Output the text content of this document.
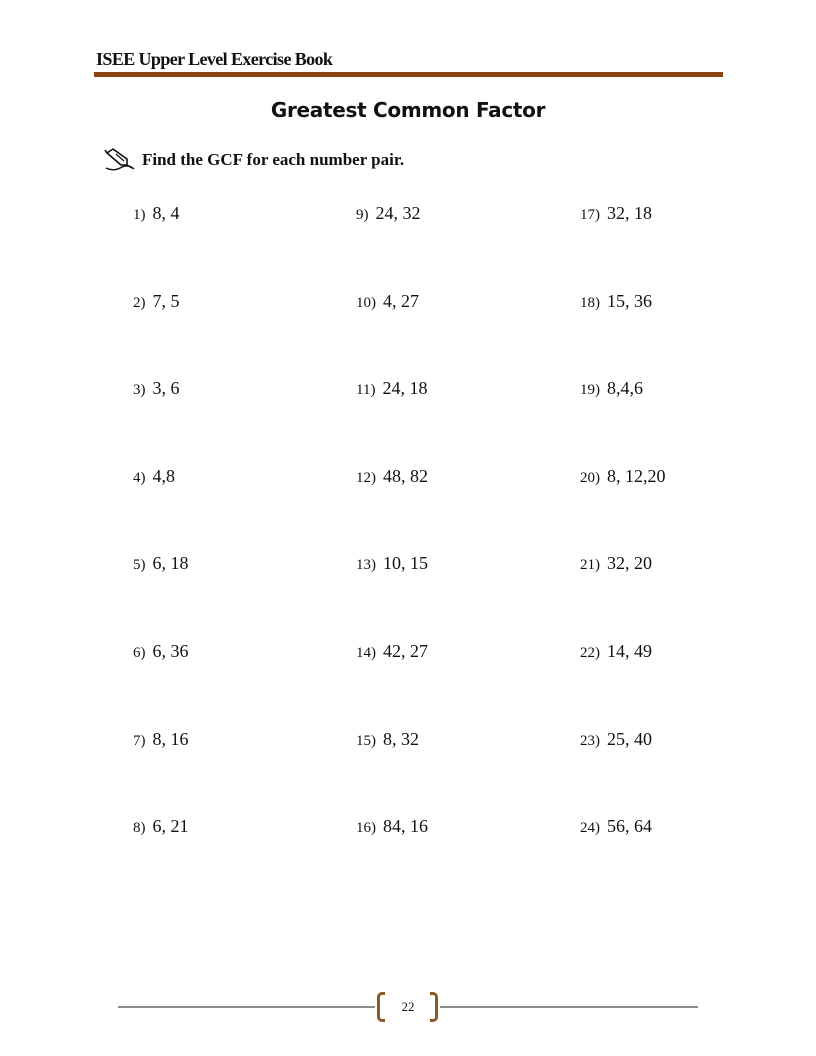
ISEE Upper Level Exercise Book
Greatest Common Factor
Find the GCF for each number pair.
1) 8, 4
2) 7, 5
3) 3, 6
4) 4,8
5) 6, 18
6) 6, 36
7) 8, 16
8) 6, 21
9) 24, 32
10) 4, 27
11) 24, 18
12) 48, 82
13) 10, 15
14) 42, 27
15) 8, 32
16) 84, 16
17) 32, 18
18) 15, 36
19) 8,4,6
20) 8, 12,20
21) 32, 20
22) 14, 49
23) 25, 40
24) 56, 64
22
